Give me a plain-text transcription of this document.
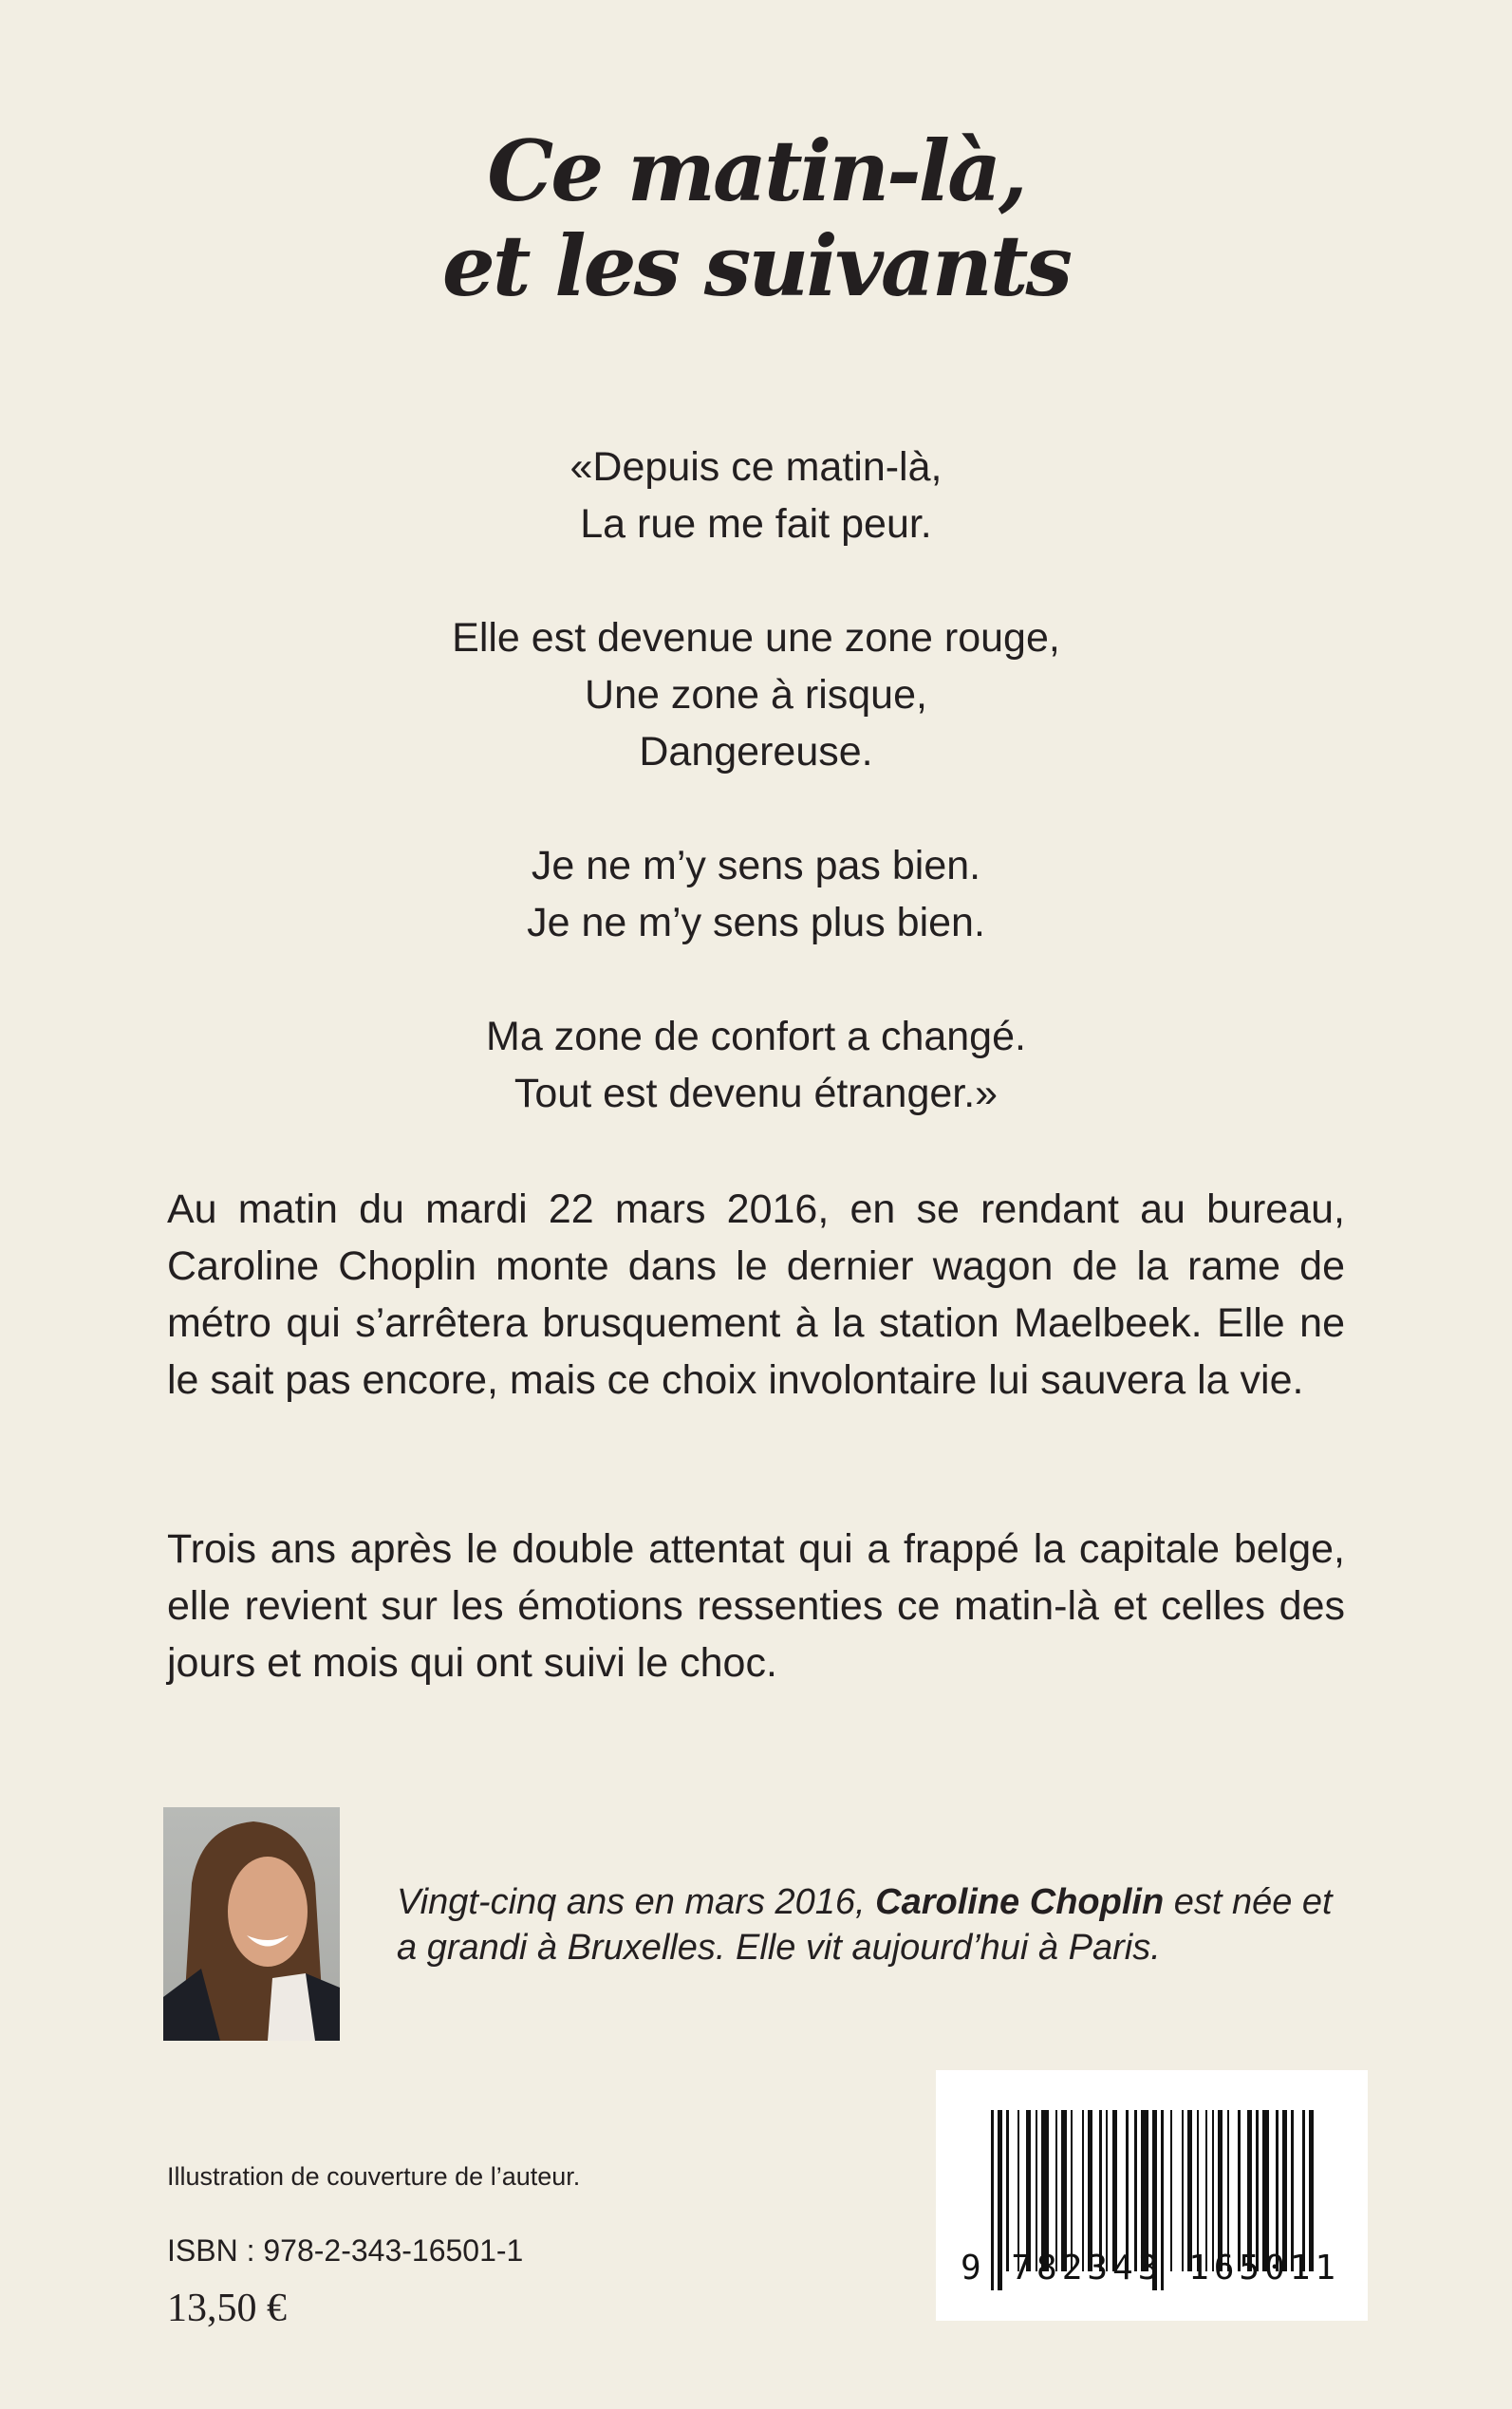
Ce matin-là,
et les suivants
«Depuis ce matin-là,
La rue me fait peur.
Elle est devenue une zone rouge,
Une zone à risque,
Dangereuse.
Je ne m’y sens pas bien.
Je ne m’y sens plus bien.
Ma zone de confort a changé.
Tout est devenu étranger.»
Au matin du mardi 22 mars 2016, en se rendant au bureau, Caroline Choplin monte dans le dernier wagon de la rame de métro qui s’arrêtera brusquement à la station Maelbeek. Elle ne le sait pas encore, mais ce choix involontaire lui sauvera la vie.
Trois ans après le double attentat qui a frappé la capitale belge, elle revient sur les émotions ressenties ce matin-là et celles des jours et mois qui ont suivi le choc.
Vingt-cinq ans en mars 2016, Caroline Choplin est née et a grandi à Bruxelles. Elle vit aujourd’hui à Paris.
Illustration de couverture de l’auteur.
ISBN : 978-2-343-16501-1
13,50 €
9 782343 165011
